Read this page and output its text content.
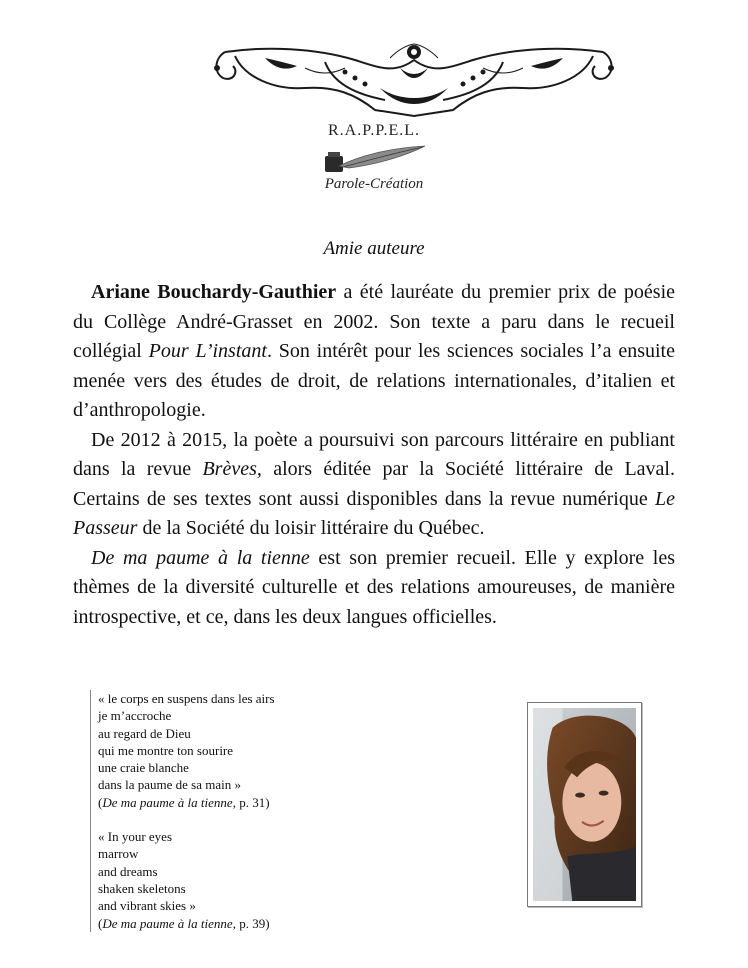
R.A.P.P.E.L.
Parole-Création
Amie auteure

Ariane Bouchardy-Gauthier a été lauréate du premier prix de poésie du Collège André-Grasset en 2002. Son texte a paru dans le recueil collégial Pour L’instant. Son intérêt pour les sciences sociales l’a ensuite menée vers des études de droit, de relations internationales, d’italien et d’anthropologie.

De 2012 à 2015, la poète a poursuivi son parcours littéraire en publiant dans la revue Brèves, alors éditée par la Société littéraire de Laval. Certains de ses textes sont aussi disponibles dans la revue numérique Le Passeur de la Société du loisir littéraire du Québec.

De ma paume à la tienne est son premier recueil. Elle y explore les thèmes de la diversité culturelle et des relations amoureuses, de manière introspective, et ce, dans les deux langues officielles.

« le corps en suspens dans les airs
je m’accroche
au regard de Dieu
qui me montre ton sourire
une craie blanche
dans la paume de sa main »
(De ma paume à la tienne, p. 31)
« In your eyes
marrow
and dreams
shaken skeletons
and vibrant skies »
(De ma paume à la tienne, p. 39)
